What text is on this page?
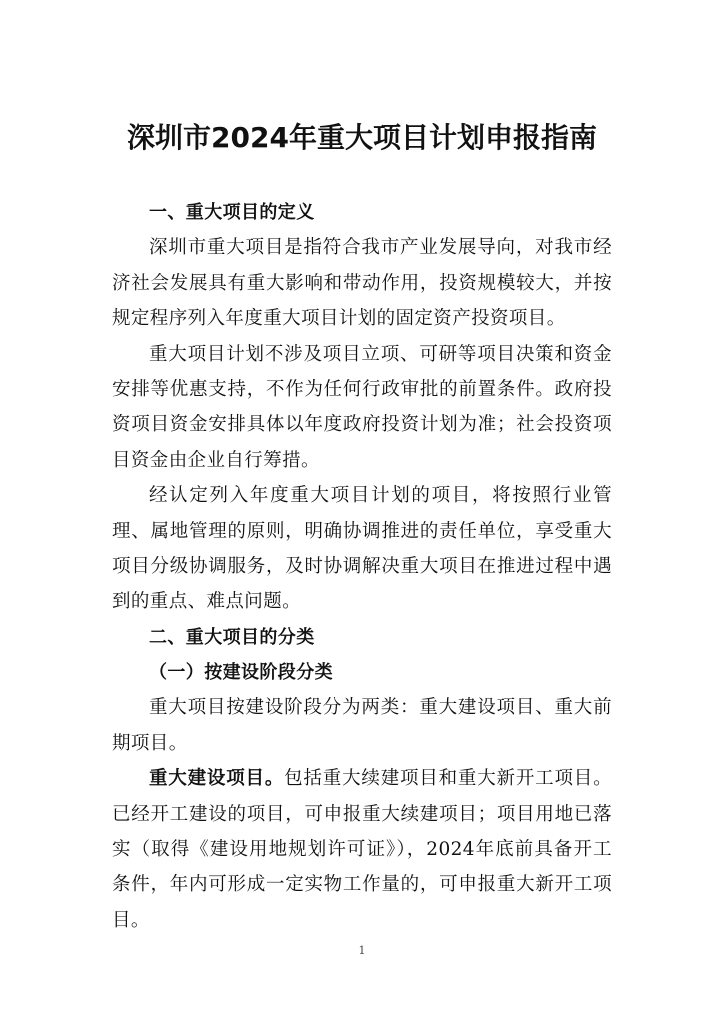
深圳市2024年重大项目计划申报指南
一、重大项目的定义
深圳市重大项目是指符合我市产业发展导向，对我市经
济社会发展具有重大影响和带动作用，投资规模较大，并按
规定程序列入年度重大项目计划的固定资产投资项目。
重大项目计划不涉及项目立项、可研等项目决策和资金
安排等优惠支持，不作为任何行政审批的前置条件。政府投
资项目资金安排具体以年度政府投资计划为准；社会投资项
目资金由企业自行筹措。
经认定列入年度重大项目计划的项目，将按照行业管
理、属地管理的原则，明确协调推进的责任单位，享受重大
项目分级协调服务，及时协调解决重大项目在推进过程中遇
到的重点、难点问题。
二、重大项目的分类
（一）按建设阶段分类
重大项目按建设阶段分为两类：重大建设项目、重大前
期项目。
重大建设项目。包括重大续建项目和重大新开工项目。
已经开工建设的项目，可申报重大续建项目；项目用地已落
实（取得《建设用地规划许可证》），2024年底前具备开工
条件，年内可形成一定实物工作量的，可申报重大新开工项
目。
1
